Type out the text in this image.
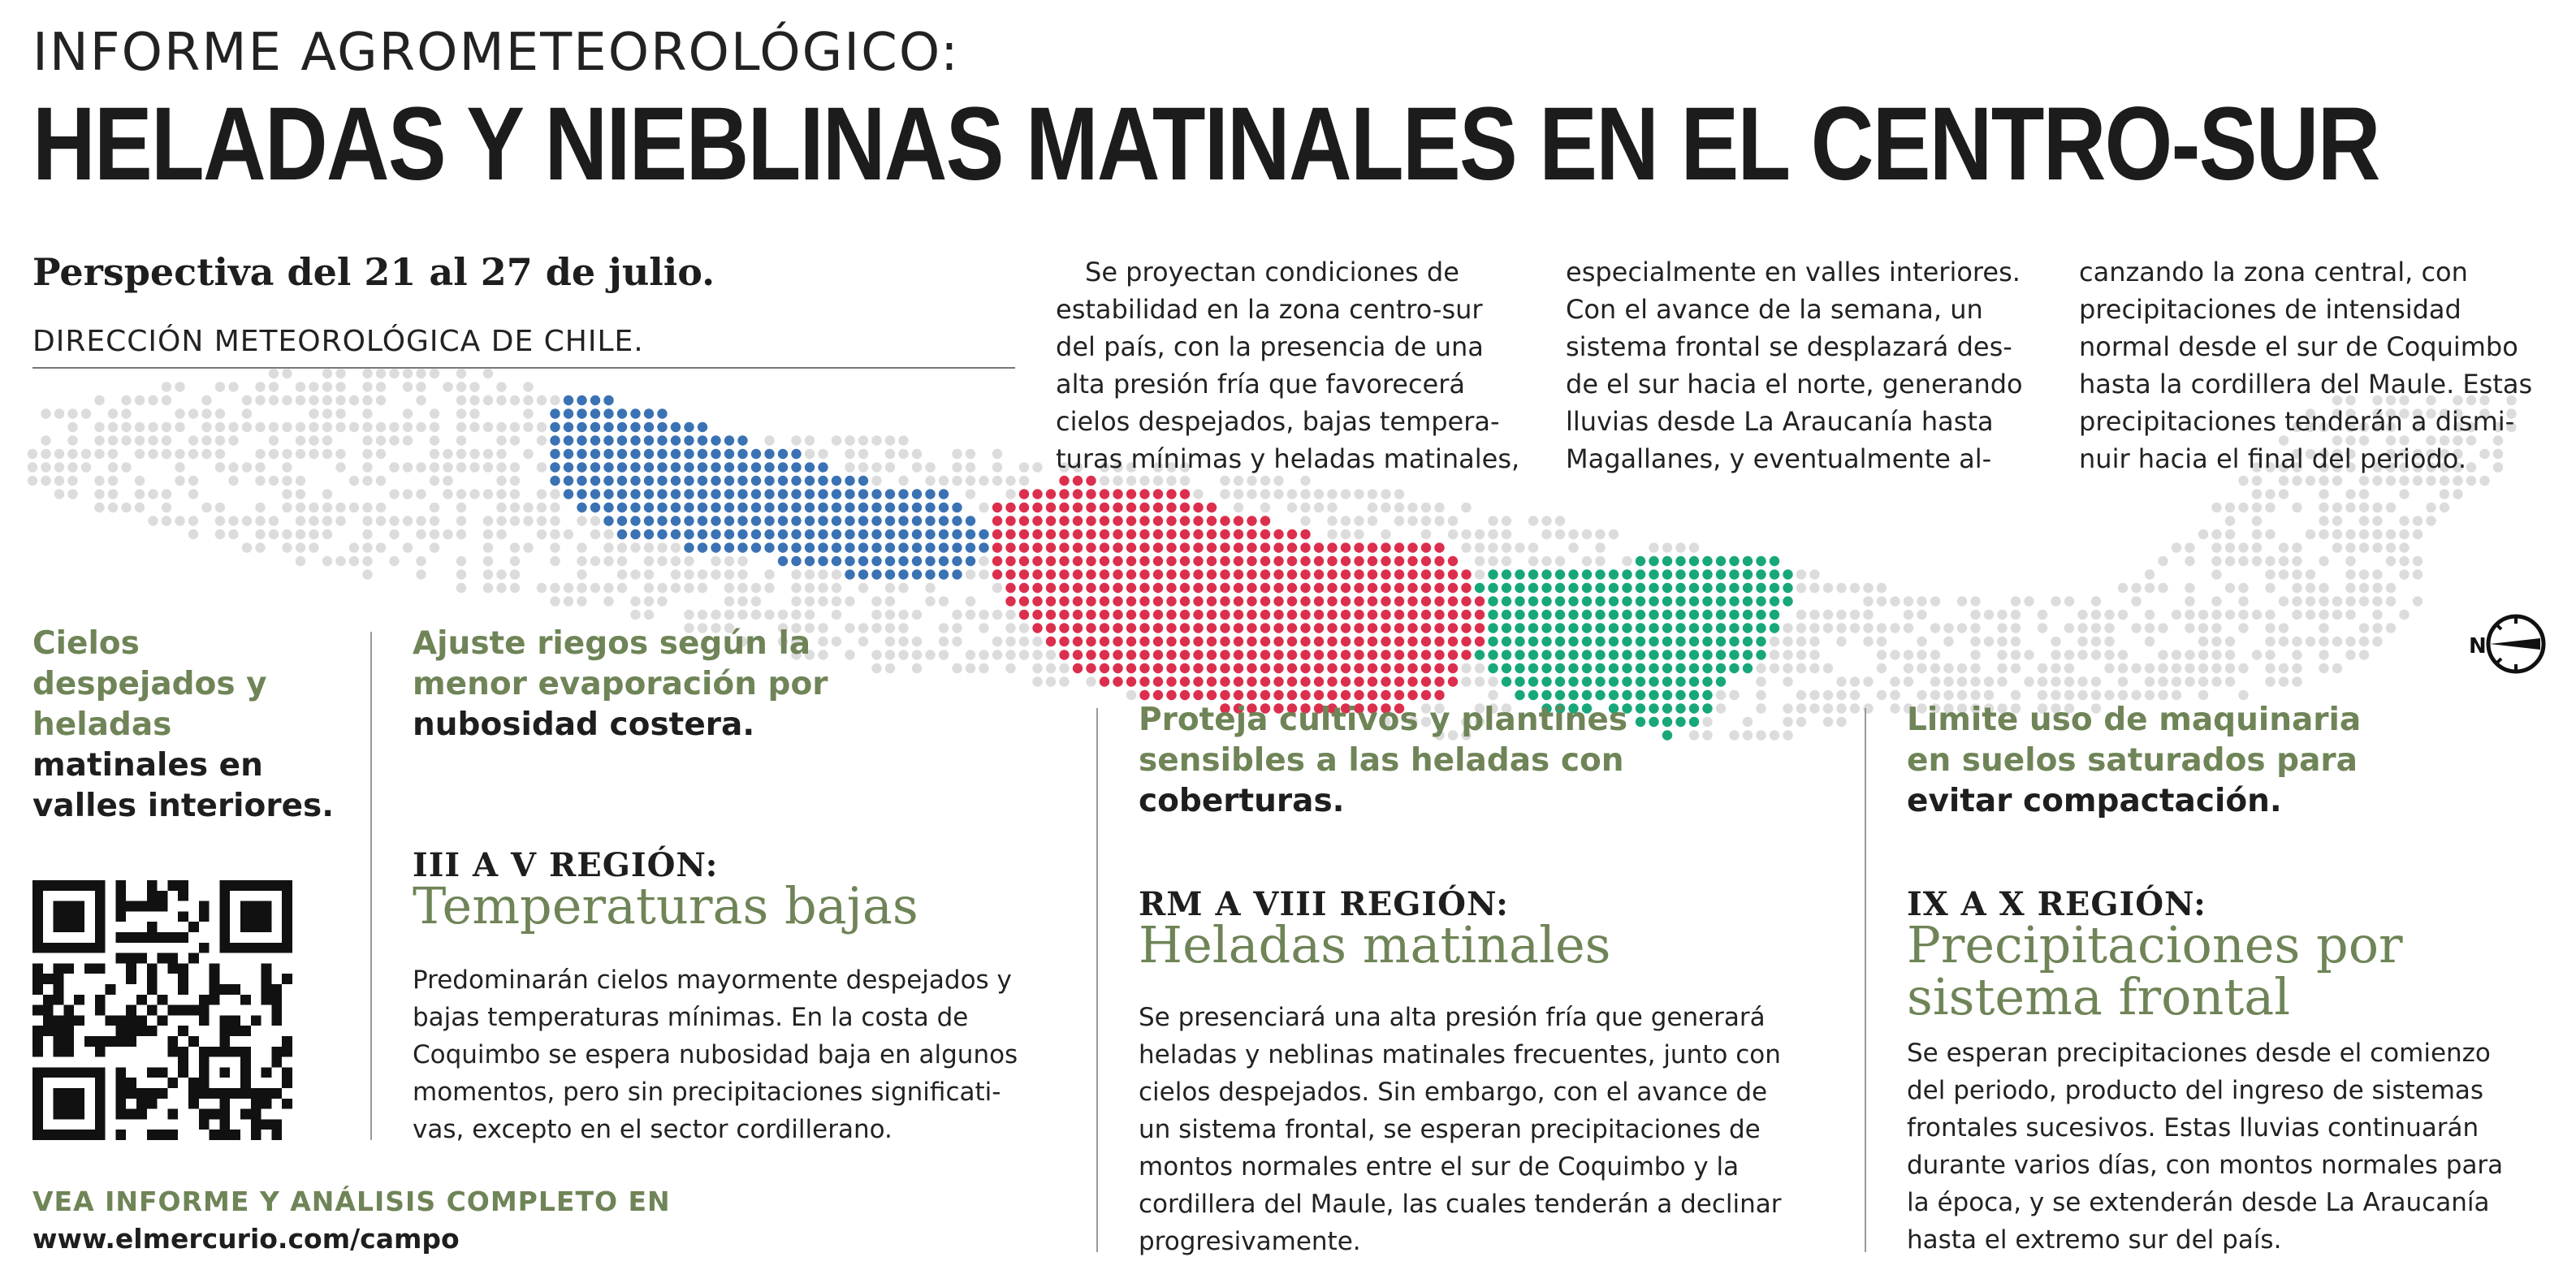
INFORME AGROMETEOROLÓGICO:
HELADAS Y NIEBLINAS MATINALES EN EL CENTRO-SUR
Perspectiva del 21 al 27 de julio.
DIRECCIÓN METEOROLÓGICA DE CHILE.
Se proyectan condiciones de
estabilidad en la zona centro-sur
del país, con la presencia de una
alta presión fría que favorecerá
cielos despejados, bajas tempera-
turas mínimas y heladas matinales,
especialmente en valles interiores.
Con el avance de la semana, un
sistema frontal se desplazará des-
de el sur hacia el norte, generando
lluvias desde La Araucanía hasta
Magallanes, y eventualmente al-
canzando la zona central, con
precipitaciones de intensidad
normal desde el sur de Coquimbo
hasta la cordillera del Maule. Estas
precipitaciones tenderán a dismi-
nuir hacia el final del periodo.
N
Cielos
despejados y
heladas
matinales en
valles interiores.
Ajuste riegos según la
menor evaporación por
nubosidad costera.
III A V REGIÓN:
Temperaturas bajas
Predominarán cielos mayormente despejados y
bajas temperaturas mínimas. En la costa de
Coquimbo se espera nubosidad baja en algunos
momentos, pero sin precipitaciones significati-
vas, excepto en el sector cordillerano.
Proteja cultivos y plantines
sensibles a las heladas con
coberturas.
RM A VIII REGIÓN:
Heladas matinales
Se presenciará una alta presión fría que generará
heladas y neblinas matinales frecuentes, junto con
cielos despejados. Sin embargo, con el avance de
un sistema frontal, se esperan precipitaciones de
montos normales entre el sur de Coquimbo y la
cordillera del Maule, las cuales tenderán a declinar
progresivamente.
Limite uso de maquinaria
en suelos saturados para
evitar compactación.
IX A X REGIÓN:
Precipitaciones por
sistema frontal
Se esperan precipitaciones desde el comienzo
del periodo, producto del ingreso de sistemas
frontales sucesivos. Estas lluvias continuarán
durante varios días, con montos normales para
la época, y se extenderán desde La Araucanía
hasta el extremo sur del país.
VEA INFORME Y ANÁLISIS COMPLETO EN
www.elmercurio.com/campo
